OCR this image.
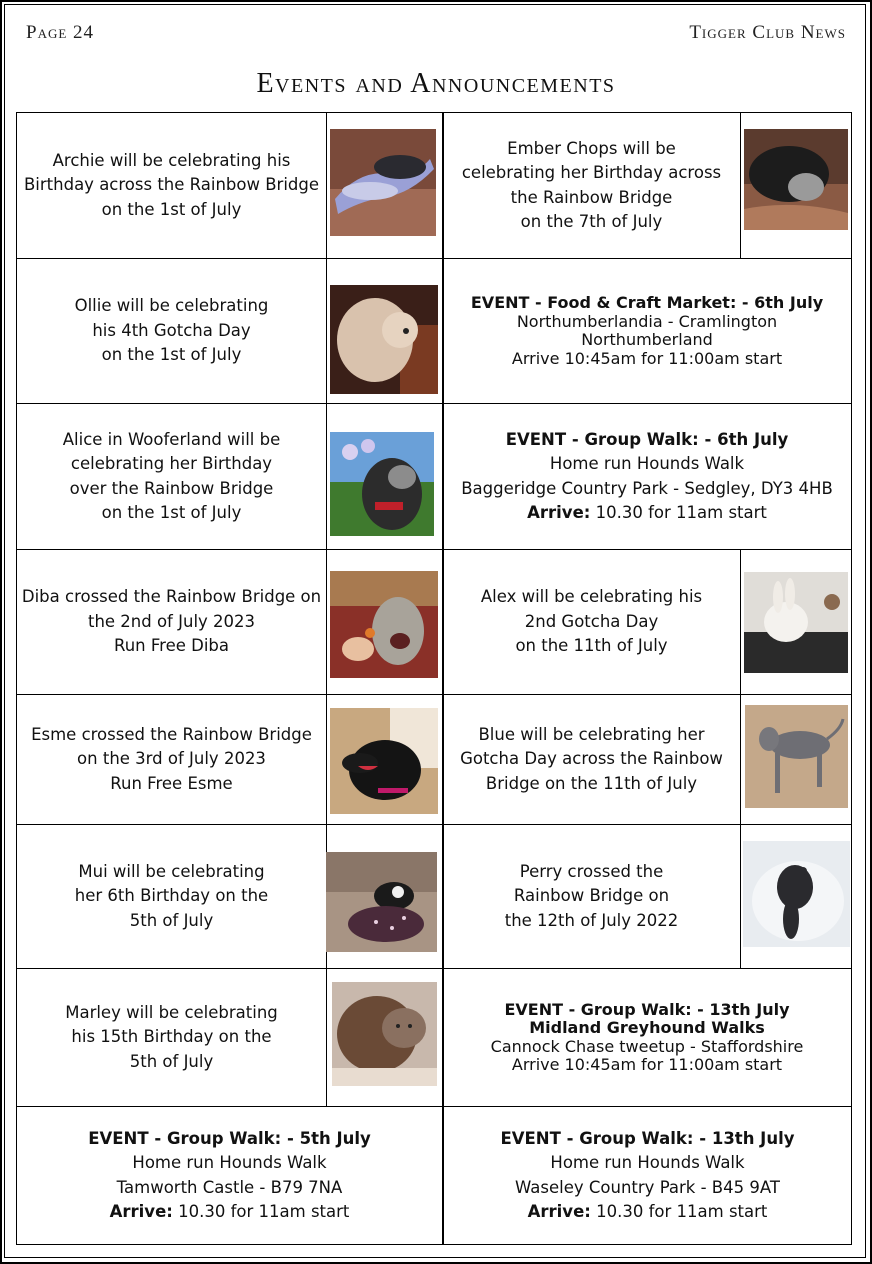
Page 24	Tigger Club News
Events and Announcements
Archie will be celebrating his
Birthday across the Rainbow Bridge
on the 1st of July
Ember Chops will be
celebrating her Birthday across
the Rainbow Bridge
on the 7th of July
Ollie will be celebrating
his 4th Gotcha Day
on the 1st of July
EVENT - Food & Craft Market: - 6th July
Northumberlandia - Cramlington
Northumberland
Arrive 10:45am for 11:00am start
Alice in Wooferland will be
celebrating her Birthday
over the Rainbow Bridge
on the 1st of July
EVENT - Group Walk: - 6th July
Home run Hounds Walk
Baggeridge Country Park - Sedgley, DY3 4HB
Arrive: 10.30 for 11am start
Diba crossed the Rainbow Bridge on
the 2nd of July 2023
Run Free Diba
Alex will be celebrating his
2nd Gotcha Day
on the 11th of July
Esme crossed the Rainbow Bridge
on the 3rd of July 2023
Run Free Esme
Blue will be celebrating her
Gotcha Day across the Rainbow
Bridge on the 11th of July
Mui will be celebrating
her 6th Birthday on the
5th of July
Perry crossed the
Rainbow Bridge on
the 12th of July 2022
Marley will be celebrating
his 15th Birthday on the
5th of July
EVENT - Group Walk: - 13th July
Midland Greyhound Walks
Cannock Chase tweetup - Staffordshire
Arrive 10:45am for 11:00am start
EVENT - Group Walk: - 5th July
Home run Hounds Walk
Tamworth Castle - B79 7NA
Arrive: 10.30 for 11am start
EVENT - Group Walk: - 13th July
Home run Hounds Walk
Waseley Country Park - B45 9AT
Arrive: 10.30 for 11am start
